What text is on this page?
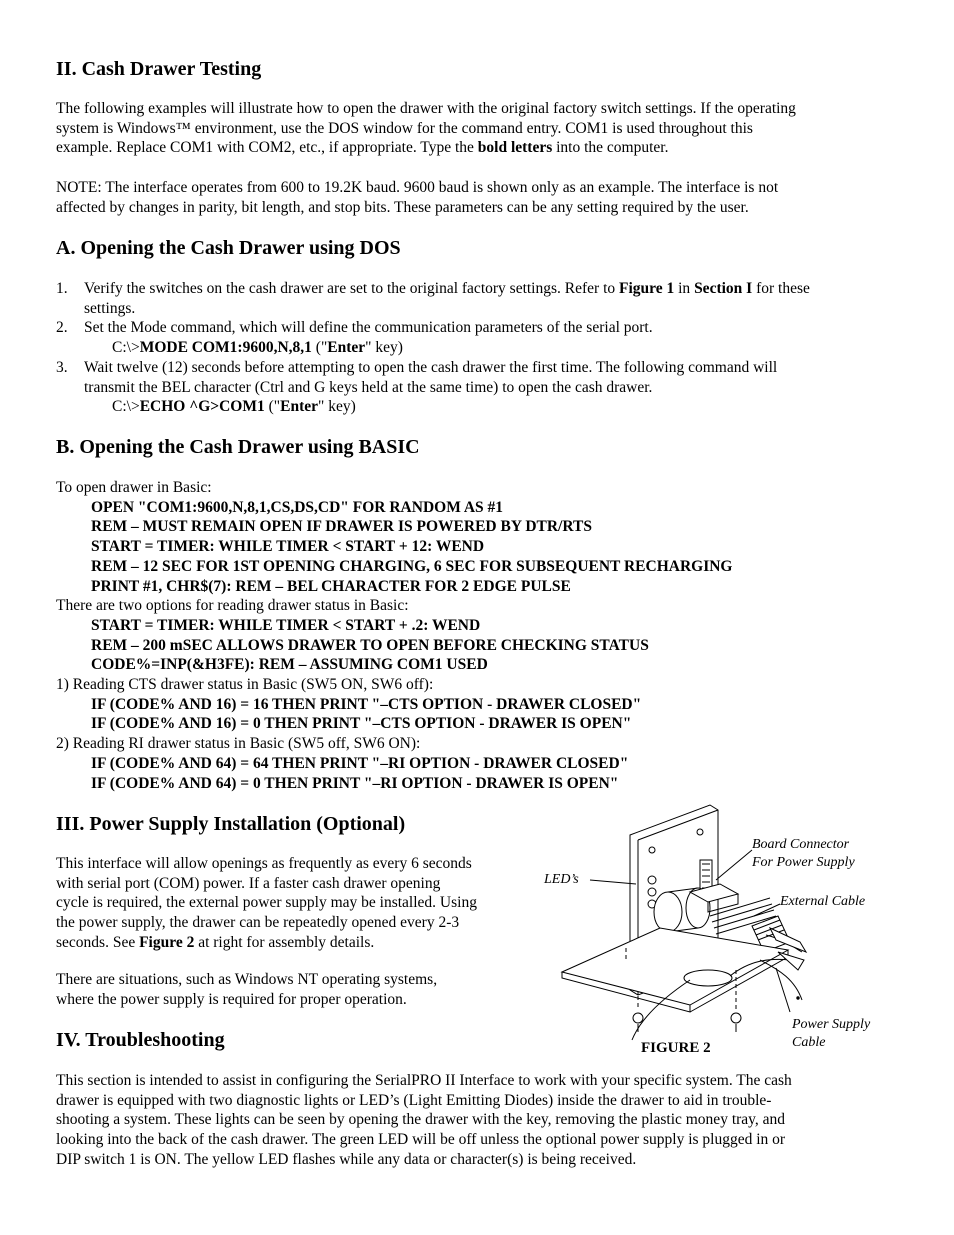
II. Cash Drawer Testing
The following examples will illustrate how to open the drawer with the original factory switch settings. If the operating
system is Windows™ environment, use the DOS window for the command entry. COM1 is used throughout this
example. Replace COM1 with COM2, etc., if appropriate. Type the bold letters into the computer.
NOTE: The interface operates from 600 to 19.2K baud. 9600 baud is shown only as an example. The interface is not
affected by changes in parity, bit length, and stop bits. These parameters can be any setting required by the user.
A. Opening the Cash Drawer using DOS
1. Verify the switches on the cash drawer are set to the original factory settings. Refer to Figure 1 in Section I for these
settings.
2. Set the Mode command, which will define the communication parameters of the serial port.
C:\>MODE COM1:9600,N,8,1 ("Enter" key)
3. Wait twelve (12) seconds before attempting to open the cash drawer the first time. The following command will
transmit the BEL character (Ctrl and G keys held at the same time) to open the cash drawer.
C:\>ECHO ^G>COM1 ("Enter" key)
B. Opening the Cash Drawer using BASIC
To open drawer in Basic:
OPEN "COM1:9600,N,8,1,CS,DS,CD" FOR RANDOM AS #1
REM – MUST REMAIN OPEN IF DRAWER IS POWERED BY DTR/RTS
START = TIMER: WHILE TIMER < START + 12: WEND
REM – 12 SEC FOR 1ST OPENING CHARGING, 6 SEC FOR SUBSEQUENT RECHARGING
PRINT #1, CHR$(7): REM – BEL CHARACTER FOR 2 EDGE PULSE
There are two options for reading drawer status in Basic:
START = TIMER: WHILE TIMER < START + .2: WEND
REM – 200 mSEC ALLOWS DRAWER TO OPEN BEFORE CHECKING STATUS
CODE%=INP(&H3FE): REM – ASSUMING COM1 USED
1) Reading CTS drawer status in Basic (SW5 ON, SW6 off):
IF (CODE% AND 16) = 16 THEN PRINT "–CTS OPTION - DRAWER CLOSED"
IF (CODE% AND 16) = 0 THEN PRINT "–CTS OPTION - DRAWER IS OPEN"
2) Reading RI drawer status in Basic (SW5 off, SW6 ON):
IF (CODE% AND 64) = 64 THEN PRINT "–RI OPTION - DRAWER CLOSED"
IF (CODE% AND 64) = 0 THEN PRINT "–RI OPTION - DRAWER IS OPEN"
III. Power Supply Installation (Optional)
This interface will allow openings as frequently as every 6 seconds
with serial port (COM) power. If a faster cash drawer opening
cycle is required, the external power supply may be installed. Using
the power supply, the drawer can be repeatedly opened every 2-3
seconds. See Figure 2 at right for assembly details.
There are situations, such as Windows NT operating systems,
where the power supply is required for proper operation.
Board Connector
For Power Supply
LED’s
External Cable
Power Supply
Cable
FIGURE 2
IV. Troubleshooting
This section is intended to assist in configuring the SerialPRO II Interface to work with your specific system. The cash
drawer is equipped with two diagnostic lights or LED’s (Light Emitting Diodes) inside the drawer to aid in trouble-
shooting a system. These lights can be seen by opening the drawer with the key, removing the plastic money tray, and
looking into the back of the cash drawer. The green LED will be off unless the optional power supply is plugged in or
DIP switch 1 is ON. The yellow LED flashes while any data or character(s) is being received.
